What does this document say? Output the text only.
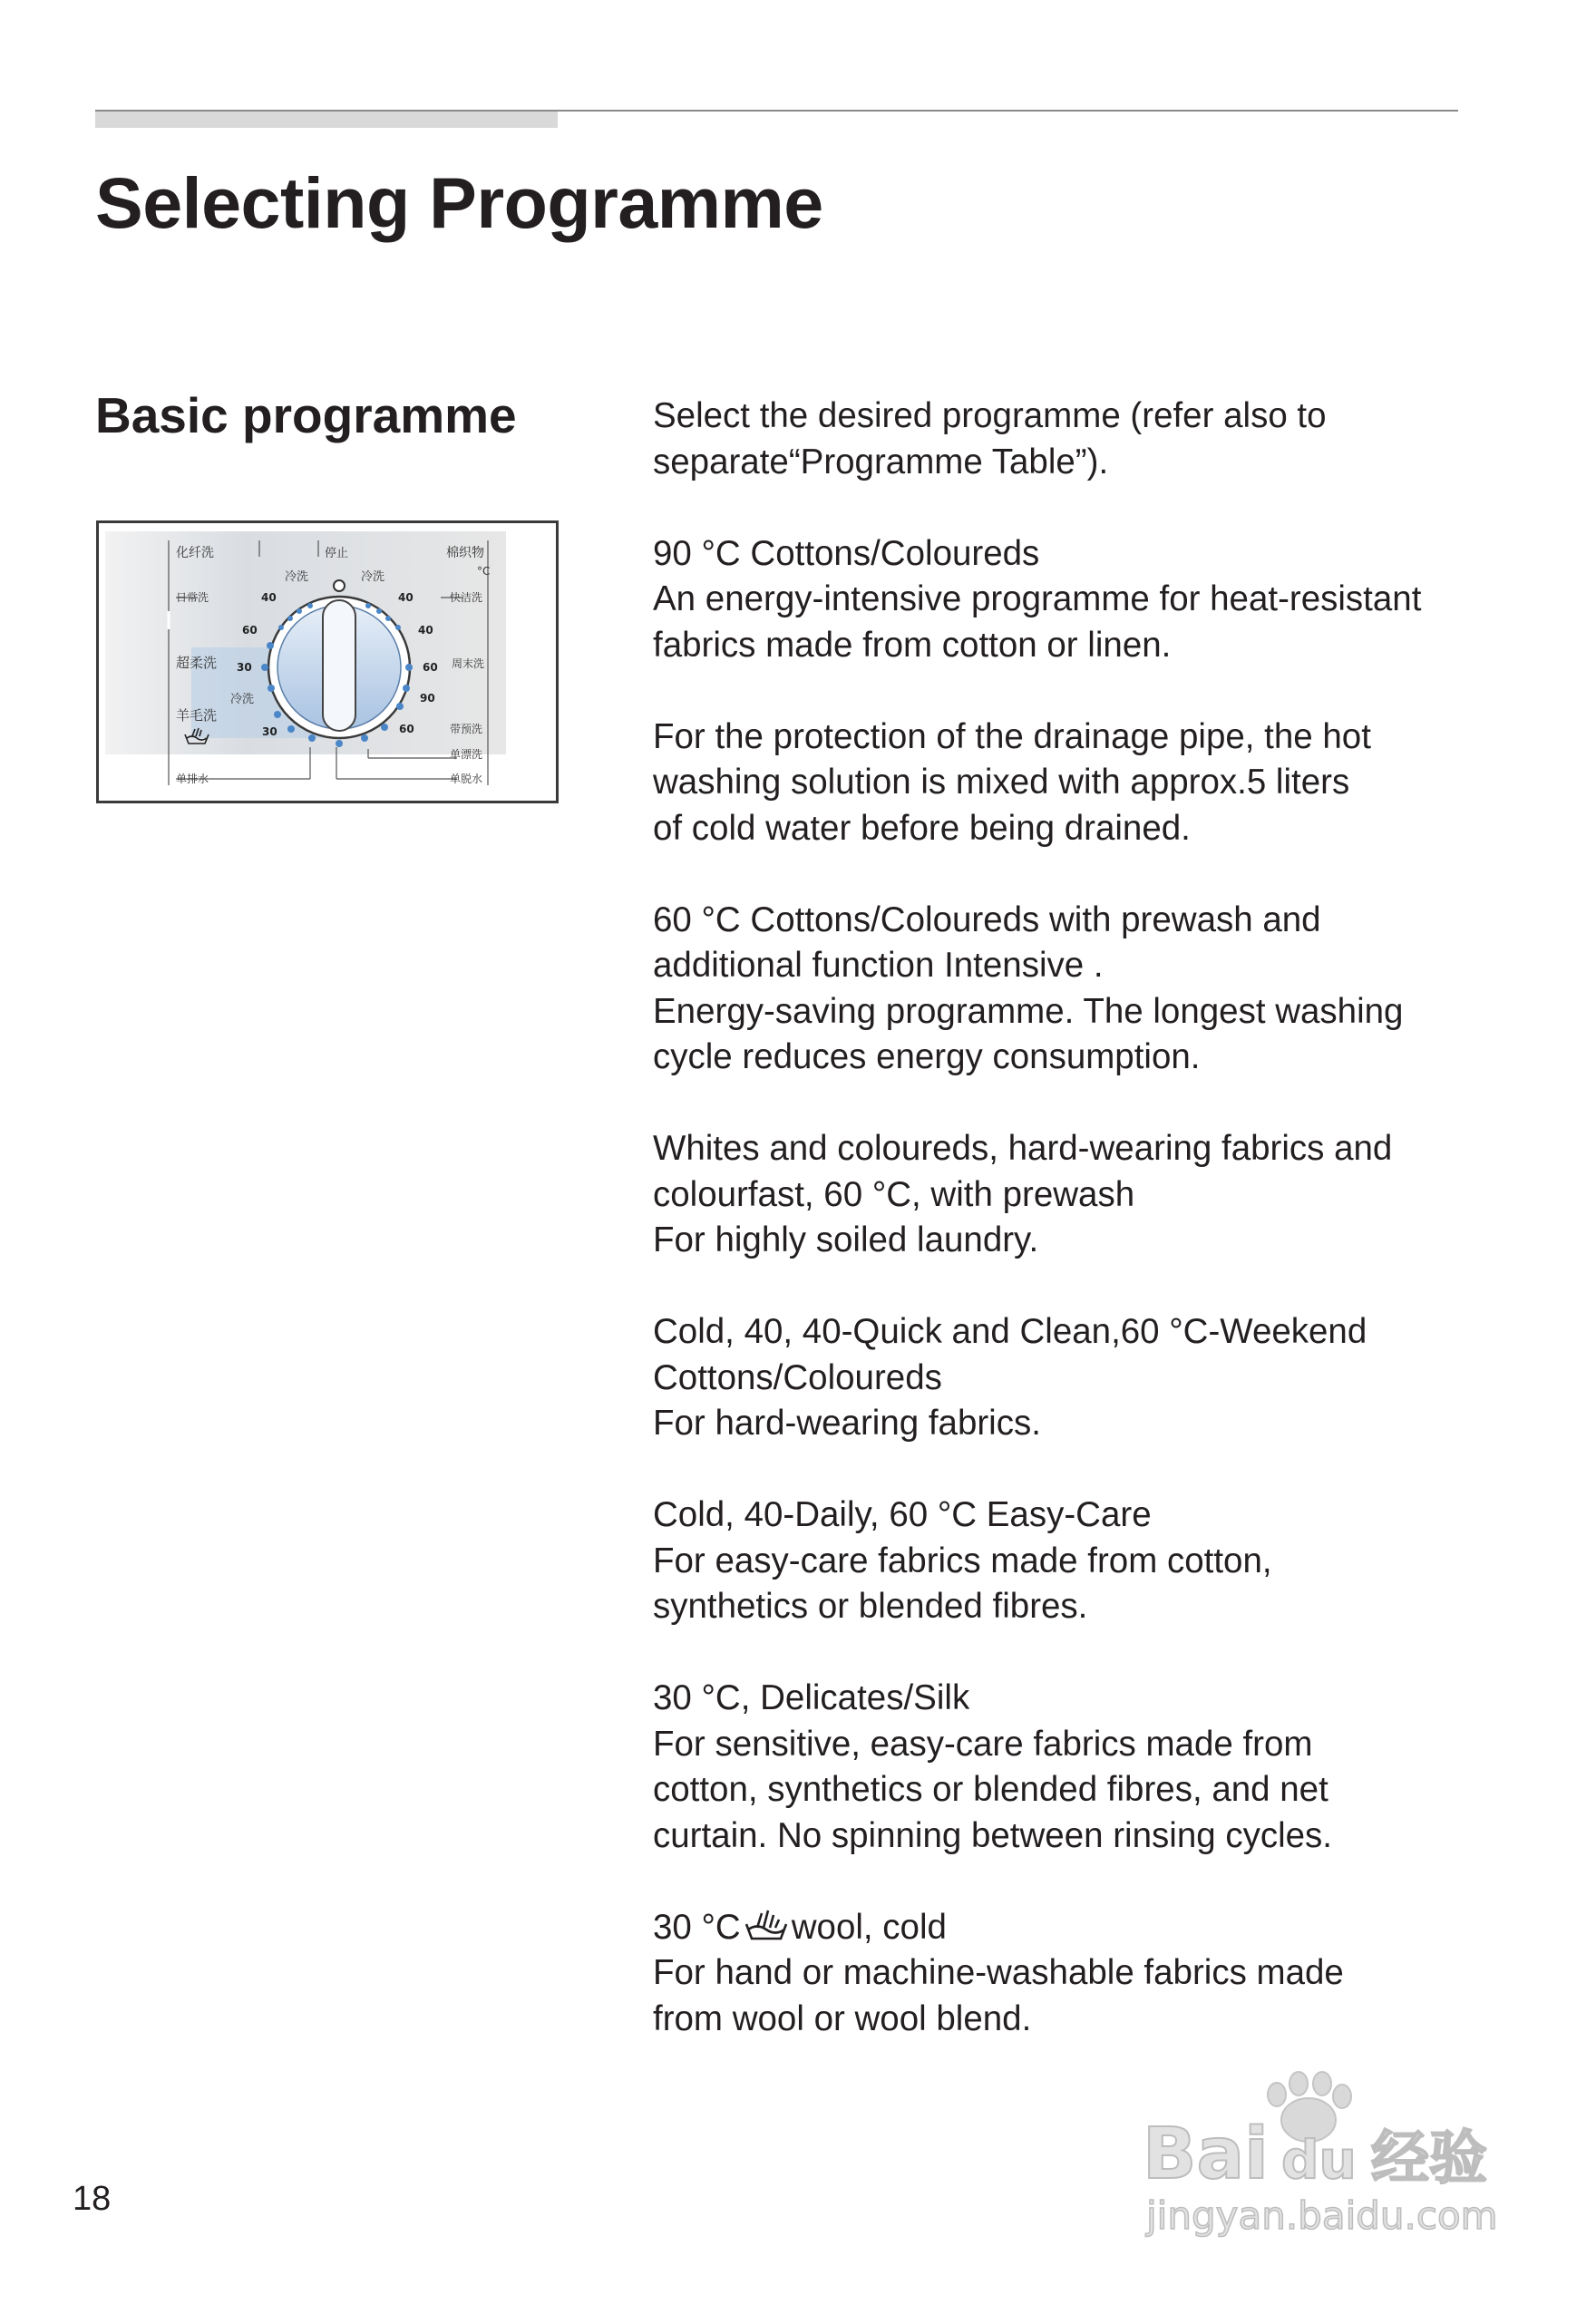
Selecting Programme
Basic programme
化纤洗	停止	棉织物
°C
冷洗	冷洗
日常洗	快洁洗
超柔洗	周末洗
冷洗
羊毛洗
带预洗
单漂洗
单排水	单脱水
40
60
30
30
40
40
60
90
60

Select the desired programme (refer also to
separate“Programme Table”).

90 °C Cottons/Coloureds
An energy-intensive programme for heat-resistant
fabrics made from cotton or linen.

For the protection of the drainage pipe, the hot
washing solution is mixed with approx.5 liters
of cold water before being drained.

60 °C Cottons/Coloureds with prewash and
additional function Intensive .
Energy-saving programme. The longest washing
cycle reduces energy consumption.

Whites and coloureds, hard-wearing fabrics and
colourfast, 60 °C, with prewash
For highly soiled laundry.

Cold, 40, 40-Quick and Clean,60 °C-Weekend
Cottons/Coloureds
For hard-wearing fabrics.

Cold, 40-Daily, 60 °C Easy-Care
For easy-care fabrics made from cotton,
synthetics or blended fibres.

30 °C, Delicates/Silk
For sensitive, easy-care fabrics made from
cotton, synthetics or blended fibres, and net
curtain. No spinning between rinsing cycles.

30 °C wool, cold
For hand or machine-washable fabrics made
from wool or wool blend.

18
Bai du 经验
jingyan.baidu.com
